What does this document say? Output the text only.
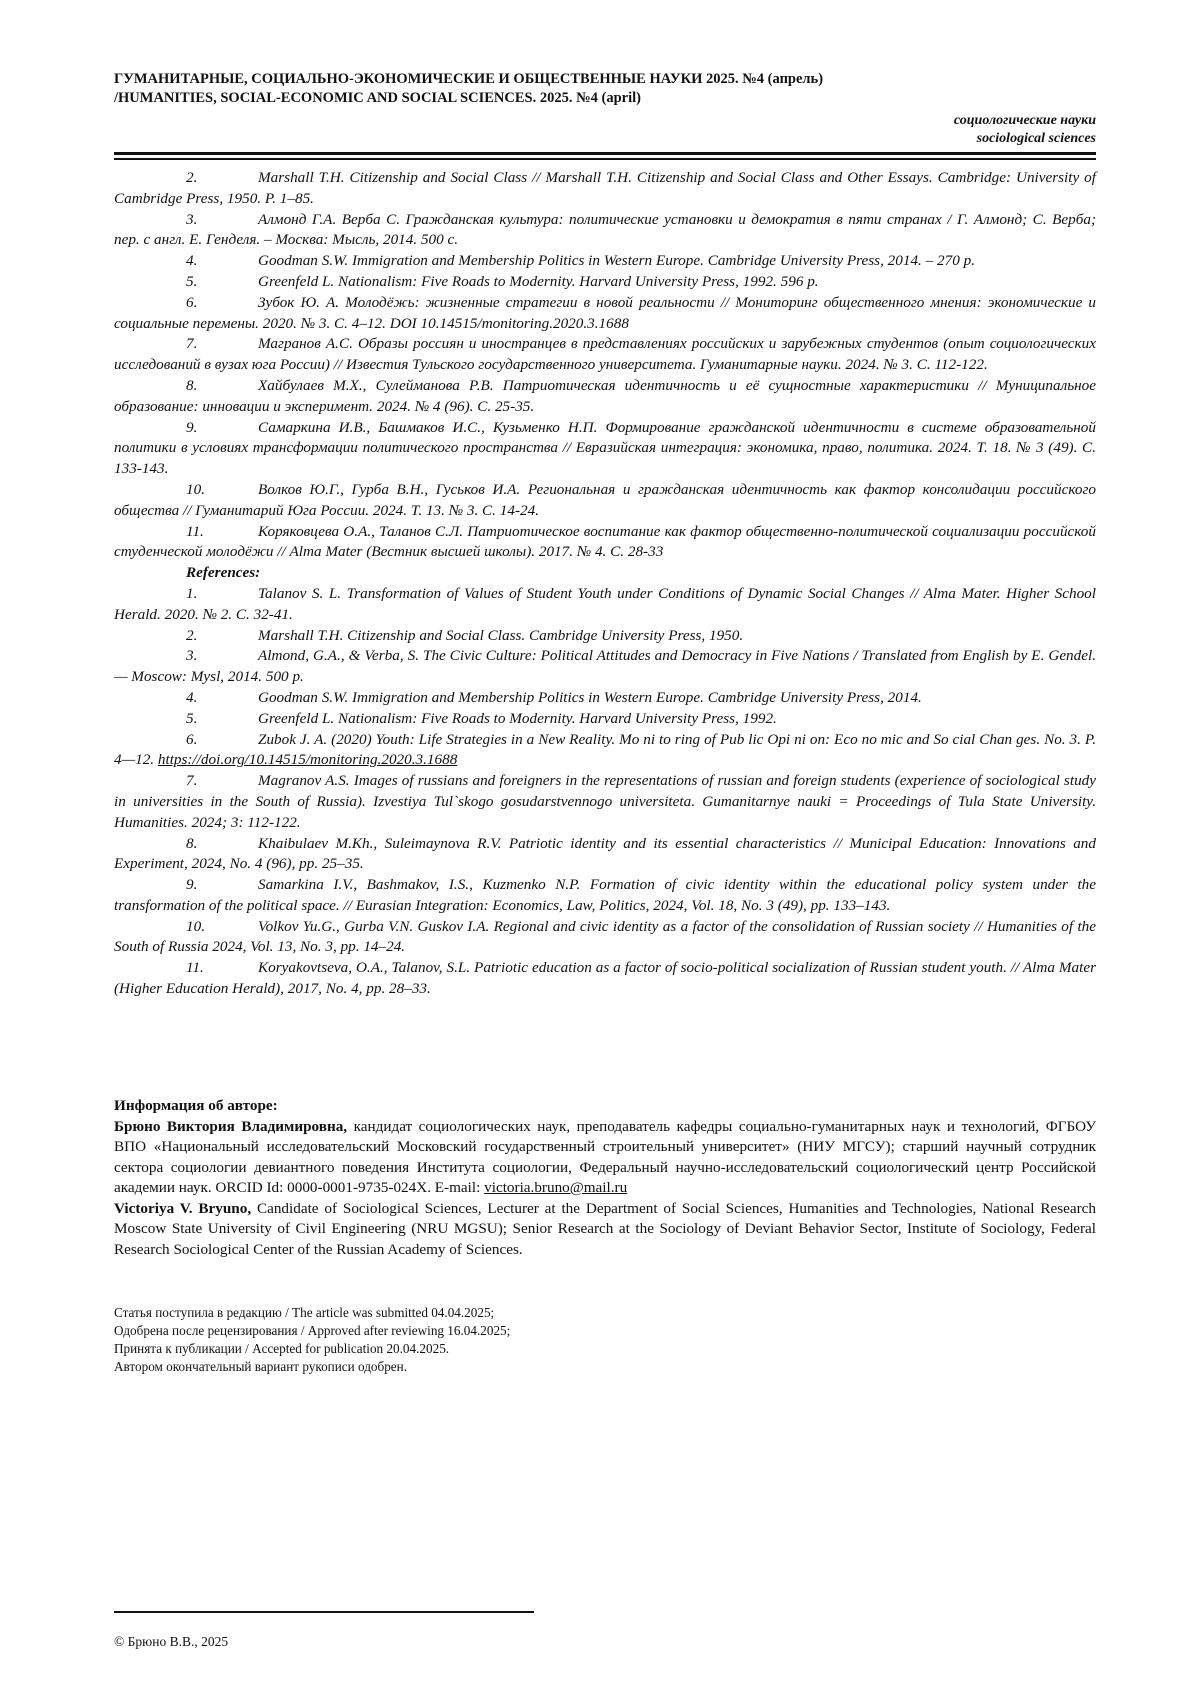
ГУМАНИТАРНЫЕ, СОЦИАЛЬНО-ЭКОНОМИЧЕСКИЕ И ОБЩЕСТВЕННЫЕ НАУКИ 2025. №4 (апрель)
/HUMANITIES, SOCIAL-ECONOMIC AND SOCIAL SCIENCES. 2025. №4 (april)
социологические науки
sociological sciences

2.	Marshall T.H. Citizenship and Social Class // Marshall T.H. Citizenship and Social Class and Other Essays. Cambridge: University of Cambridge Press, 1950. P. 1–85.

3.	Алмонд Г.А. Верба С. Гражданская культура: политические установки и демократия в пяти странах / Г. Алмонд; С. Верба; пер. с англ. Е. Генделя. – Москва: Мысль, 2014. 500 с.

4.	Goodman S.W. Immigration and Membership Politics in Western Europe. Cambridge University Press, 2014. – 270 p.

5.	Greenfeld L. Nationalism: Five Roads to Modernity. Harvard University Press, 1992. 596 p.

6.	Зубок Ю. А. Молодёжь: жизненные стратегии в новой реальности // Мониторинг общественного мнения: экономические и социальные перемены. 2020. № 3. С. 4–12. DOI 10.14515/monitoring.2020.3.1688

7.	Магранов А.С. Образы россиян и иностранцев в представлениях российских и зарубежных студентов (опыт социологических исследований в вузах юга России) // Известия Тульского государственного университета. Гуманитарные науки. 2024. № 3. С. 112-122.

8.	Хайбулаев М.Х., Сулейманова Р.В. Патриотическая идентичность и её сущностные характеристики // Муниципальное образование: инновации и эксперимент. 2024. № 4 (96). С. 25-35.

9.	Самаркина И.В., Башмаков И.С., Кузьменко Н.П. Формирование гражданской идентичности в системе образовательной политики в условиях трансформации политического пространства // Евразийская интеграция: экономика, право, политика. 2024. Т. 18. № 3 (49). С. 133-143.

10.	Волков Ю.Г., Гурба В.Н., Гуськов И.А. Региональная и гражданская идентичность как фактор консолидации российского общества // Гуманитарий Юга России. 2024. Т. 13. № 3. С. 14-24.

11.	Коряковцева О.А., Таланов С.Л. Патриотическое воспитание как фактор общественно-политической социализации российской студенческой молодёжи // Alma Mater (Вестник высшей школы). 2017. № 4. С. 28-33

References:

1.	Talanov S. L. Transformation of Values of Student Youth under Conditions of Dynamic Social Changes // Alma Mater. Higher School Herald. 2020. № 2. С. 32-41.

2.	Marshall T.H. Citizenship and Social Class. Cambridge University Press, 1950.

3.	Almond, G.A., & Verba, S. The Civic Culture: Political Attitudes and Democracy in Five Nations / Translated from English by E. Gendel. — Moscow: Mysl, 2014. 500 p.

4.	Goodman S.W. Immigration and Membership Politics in Western Europe. Cambridge University Press, 2014.

5.	Greenfeld L. Nationalism: Five Roads to Modernity. Harvard University Press, 1992.

6.	Zubok J. A. (2020) Youth: Life Strategies in a New Reality. Mo ni to ring of Pub lic Opi ni on: Eco no mic and So cial Chan ges. No. 3. P. 4—12. https://doi.org/10.14515/monitoring.2020.3.1688

7.	Magranov A.S. Images of russians and foreigners in the representations of russian and foreign students (experience of sociological study in universities in the South of Russia). Izvestiya Tul`skogo gosudarstvennogo universiteta. Gumanitarnye nauki = Proceedings of Tula State University. Humanities. 2024; 3: 112-122.

8.	Khaibulaev M.Kh., Suleimaynova R.V. Patriotic identity and its essential characteristics // Municipal Education: Innovations and Experiment, 2024, No. 4 (96), pp. 25–35.

9.	Samarkina I.V., Bashmakov, I.S., Kuzmenko N.P. Formation of civic identity within the educational policy system under the transformation of the political space. // Eurasian Integration: Economics, Law, Politics, 2024, Vol. 18, No. 3 (49), pp. 133–143.

10.	Volkov Yu.G., Gurba V.N. Guskov I.A. Regional and civic identity as a factor of the consolidation of Russian society // Humanities of the South of Russia 2024, Vol. 13, No. 3, pp. 14–24.

11.	Koryakovtseva, O.A., Talanov, S.L. Patriotic education as a factor of socio-political socialization of Russian student youth. // Alma Mater (Higher Education Herald), 2017, No. 4, pp. 28–33.

Информация об авторе:

Брюно Виктория Владимировна, кандидат социологических наук, преподаватель кафедры социально-гуманитарных наук и технологий, ФГБОУ ВПО «Национальный исследовательский Московский государственный строительный университет» (НИУ МГСУ); старший научный сотрудник сектора социологии девиантного поведения Института социологии, Федеральный научно-исследовательский социологический центр Российской академии наук. ORCID Id: 0000-0001-9735-024X. E-mail: victoria.bruno@mail.ru

Victoriya V. Bryuno, Candidate of Sociological Sciences, Lecturer at the Department of Social Sciences, Humanities and Technologies, National Research Moscow State University of Civil Engineering (NRU MGSU); Senior Research at the Sociology of Deviant Behavior Sector, Institute of Sociology, Federal Research Sociological Center of the Russian Academy of Sciences.

Статья поступила в редакцию / The article was submitted 04.04.2025;
Одобрена после рецензирования / Approved after reviewing 16.04.2025;
Принята к публикации / Accepted for publication 20.04.2025.
Автором окончательный вариант рукописи одобрен.
© Брюно В.В., 2025
